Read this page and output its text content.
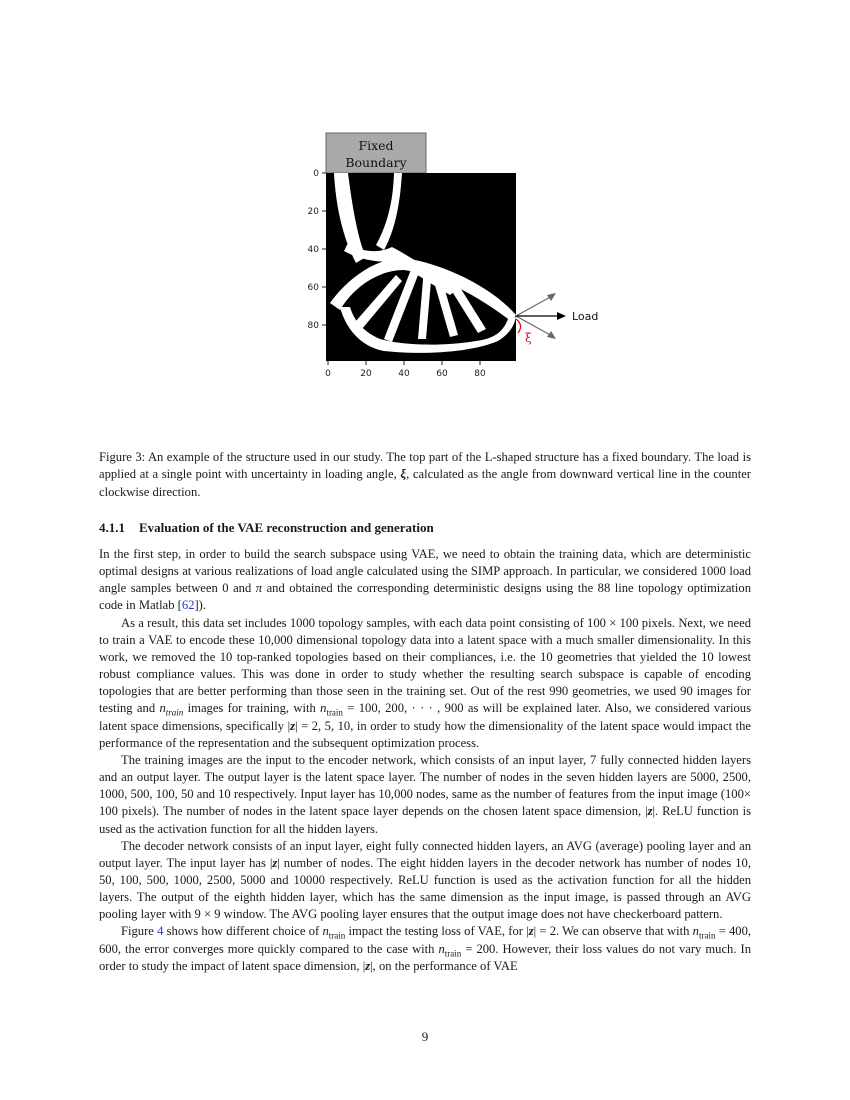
Fixed
Boundary
0
20
40
60
80
0	20	40	60	80
Load
ξ

Figure 3: An example of the structure used in our study. The top part of the L-shaped structure has a fixed boundary. The load is applied at a single point with uncertainty in loading angle, ξ, calculated as the angle from downward vertical line in the counter clockwise direction.

4.1.1 Evaluation of the VAE reconstruction and generation

In the first step, in order to build the search subspace using VAE, we need to obtain the training data, which are deterministic optimal designs at various realizations of load angle calculated using the SIMP approach. In particular, we considered 1000 load angle samples between 0 and π and obtained the corresponding deterministic designs using the 88 line topology optimization code in Matlab [62]).

As a result, this data set includes 1000 topology samples, with each data point consisting of 100 × 100 pixels. Next, we need to train a VAE to encode these 10,000 dimensional topology data into a latent space with a much smaller dimensionality. In this work, we removed the 10 top-ranked topologies based on their compliances, i.e. the 10 geometries that yielded the 10 lowest robust compliance values. This was done in order to study whether the resulting search subspace is capable of encoding topologies that are better performing than those seen in the training set. Out of the rest 990 geometries, we used 90 images for testing and $n_{train}$ images for training, with $n_{train} = 100$, 200, · · · , 900 as will be explained later. Also, we considered various latent space dimensions, specifically |z| = 2, 5, 10, in order to study how the dimensionality of the latent space would impact the performance of the representation and the subsequent optimization process.

The training images are the input to the encoder network, which consists of an input layer, 7 fully connected hidden layers and an output layer. The output layer is the latent space layer. The number of nodes in the seven hidden layers are 5000, 2500, 1000, 500, 100, 50 and 10 respectively. Input layer has 10,000 nodes, same as the number of features from the input image (100× 100 pixels). The number of nodes in the latent space layer depends on the chosen latent space dimension, |z|. ReLU function is used as the activation function for all the hidden layers.

The decoder network consists of an input layer, eight fully connected hidden layers, an AVG (average) pooling layer and an output layer. The input layer has |z| number of nodes. The eight hidden layers in the decoder network has number of nodes 10, 50, 100, 500, 1000, 2500, 5000 and 10000 respectively. ReLU function is used as the activation function for all the hidden layers. The output of the eighth hidden layer, which has the same dimension as the input image, is passed through an AVG pooling layer with 9 × 9 window. The AVG pooling layer ensures that the output image does not have checkerboard pattern.

Figure 4 shows how different choice of $n_{train}$ impact the testing loss of VAE, for |z| = 2. We can observe that with $n_{train} = 400$, 600, the error converges more quickly compared to the case with $n_{train} = 200$. However, their loss values do not vary much. In order to study the impact of latent space dimension, |z|, on the performance of VAE

9
